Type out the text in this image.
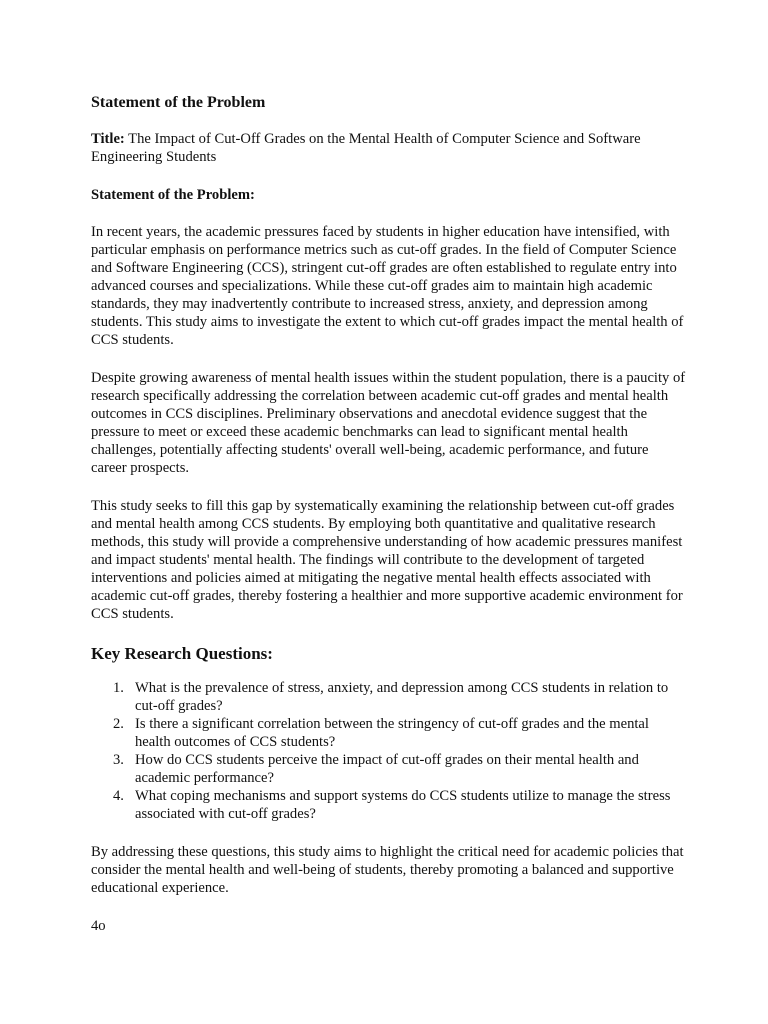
Statement of the Problem
Title: The Impact of Cut-Off Grades on the Mental Health of Computer Science and Software Engineering Students
Statement of the Problem:

In recent years, the academic pressures faced by students in higher education have intensified, with particular emphasis on performance metrics such as cut-off grades. In the field of Computer Science and Software Engineering (CCS), stringent cut-off grades are often established to regulate entry into advanced courses and specializations. While these cut-off grades aim to maintain high academic standards, they may inadvertently contribute to increased stress, anxiety, and depression among students. This study aims to investigate the extent to which cut-off grades impact the mental health of CCS students.

Despite growing awareness of mental health issues within the student population, there is a paucity of research specifically addressing the correlation between academic cut-off grades and mental health outcomes in CCS disciplines. Preliminary observations and anecdotal evidence suggest that the pressure to meet or exceed these academic benchmarks can lead to significant mental health challenges, potentially affecting students' overall well-being, academic performance, and future career prospects.

This study seeks to fill this gap by systematically examining the relationship between cut-off grades and mental health among CCS students. By employing both quantitative and qualitative research methods, this study will provide a comprehensive understanding of how academic pressures manifest and impact students' mental health. The findings will contribute to the development of targeted interventions and policies aimed at mitigating the negative mental health effects associated with academic cut-off grades, thereby fostering a healthier and more supportive academic environment for CCS students.

Key Research Questions:
1. What is the prevalence of stress, anxiety, and depression among CCS students in relation to cut-off grades?
2. Is there a significant correlation between the stringency of cut-off grades and the mental health outcomes of CCS students?
3. How do CCS students perceive the impact of cut-off grades on their mental health and academic performance?
4. What coping mechanisms and support systems do CCS students utilize to manage the stress associated with cut-off grades?

By addressing these questions, this study aims to highlight the critical need for academic policies that consider the mental health and well-being of students, thereby promoting a balanced and supportive educational experience.

4o
